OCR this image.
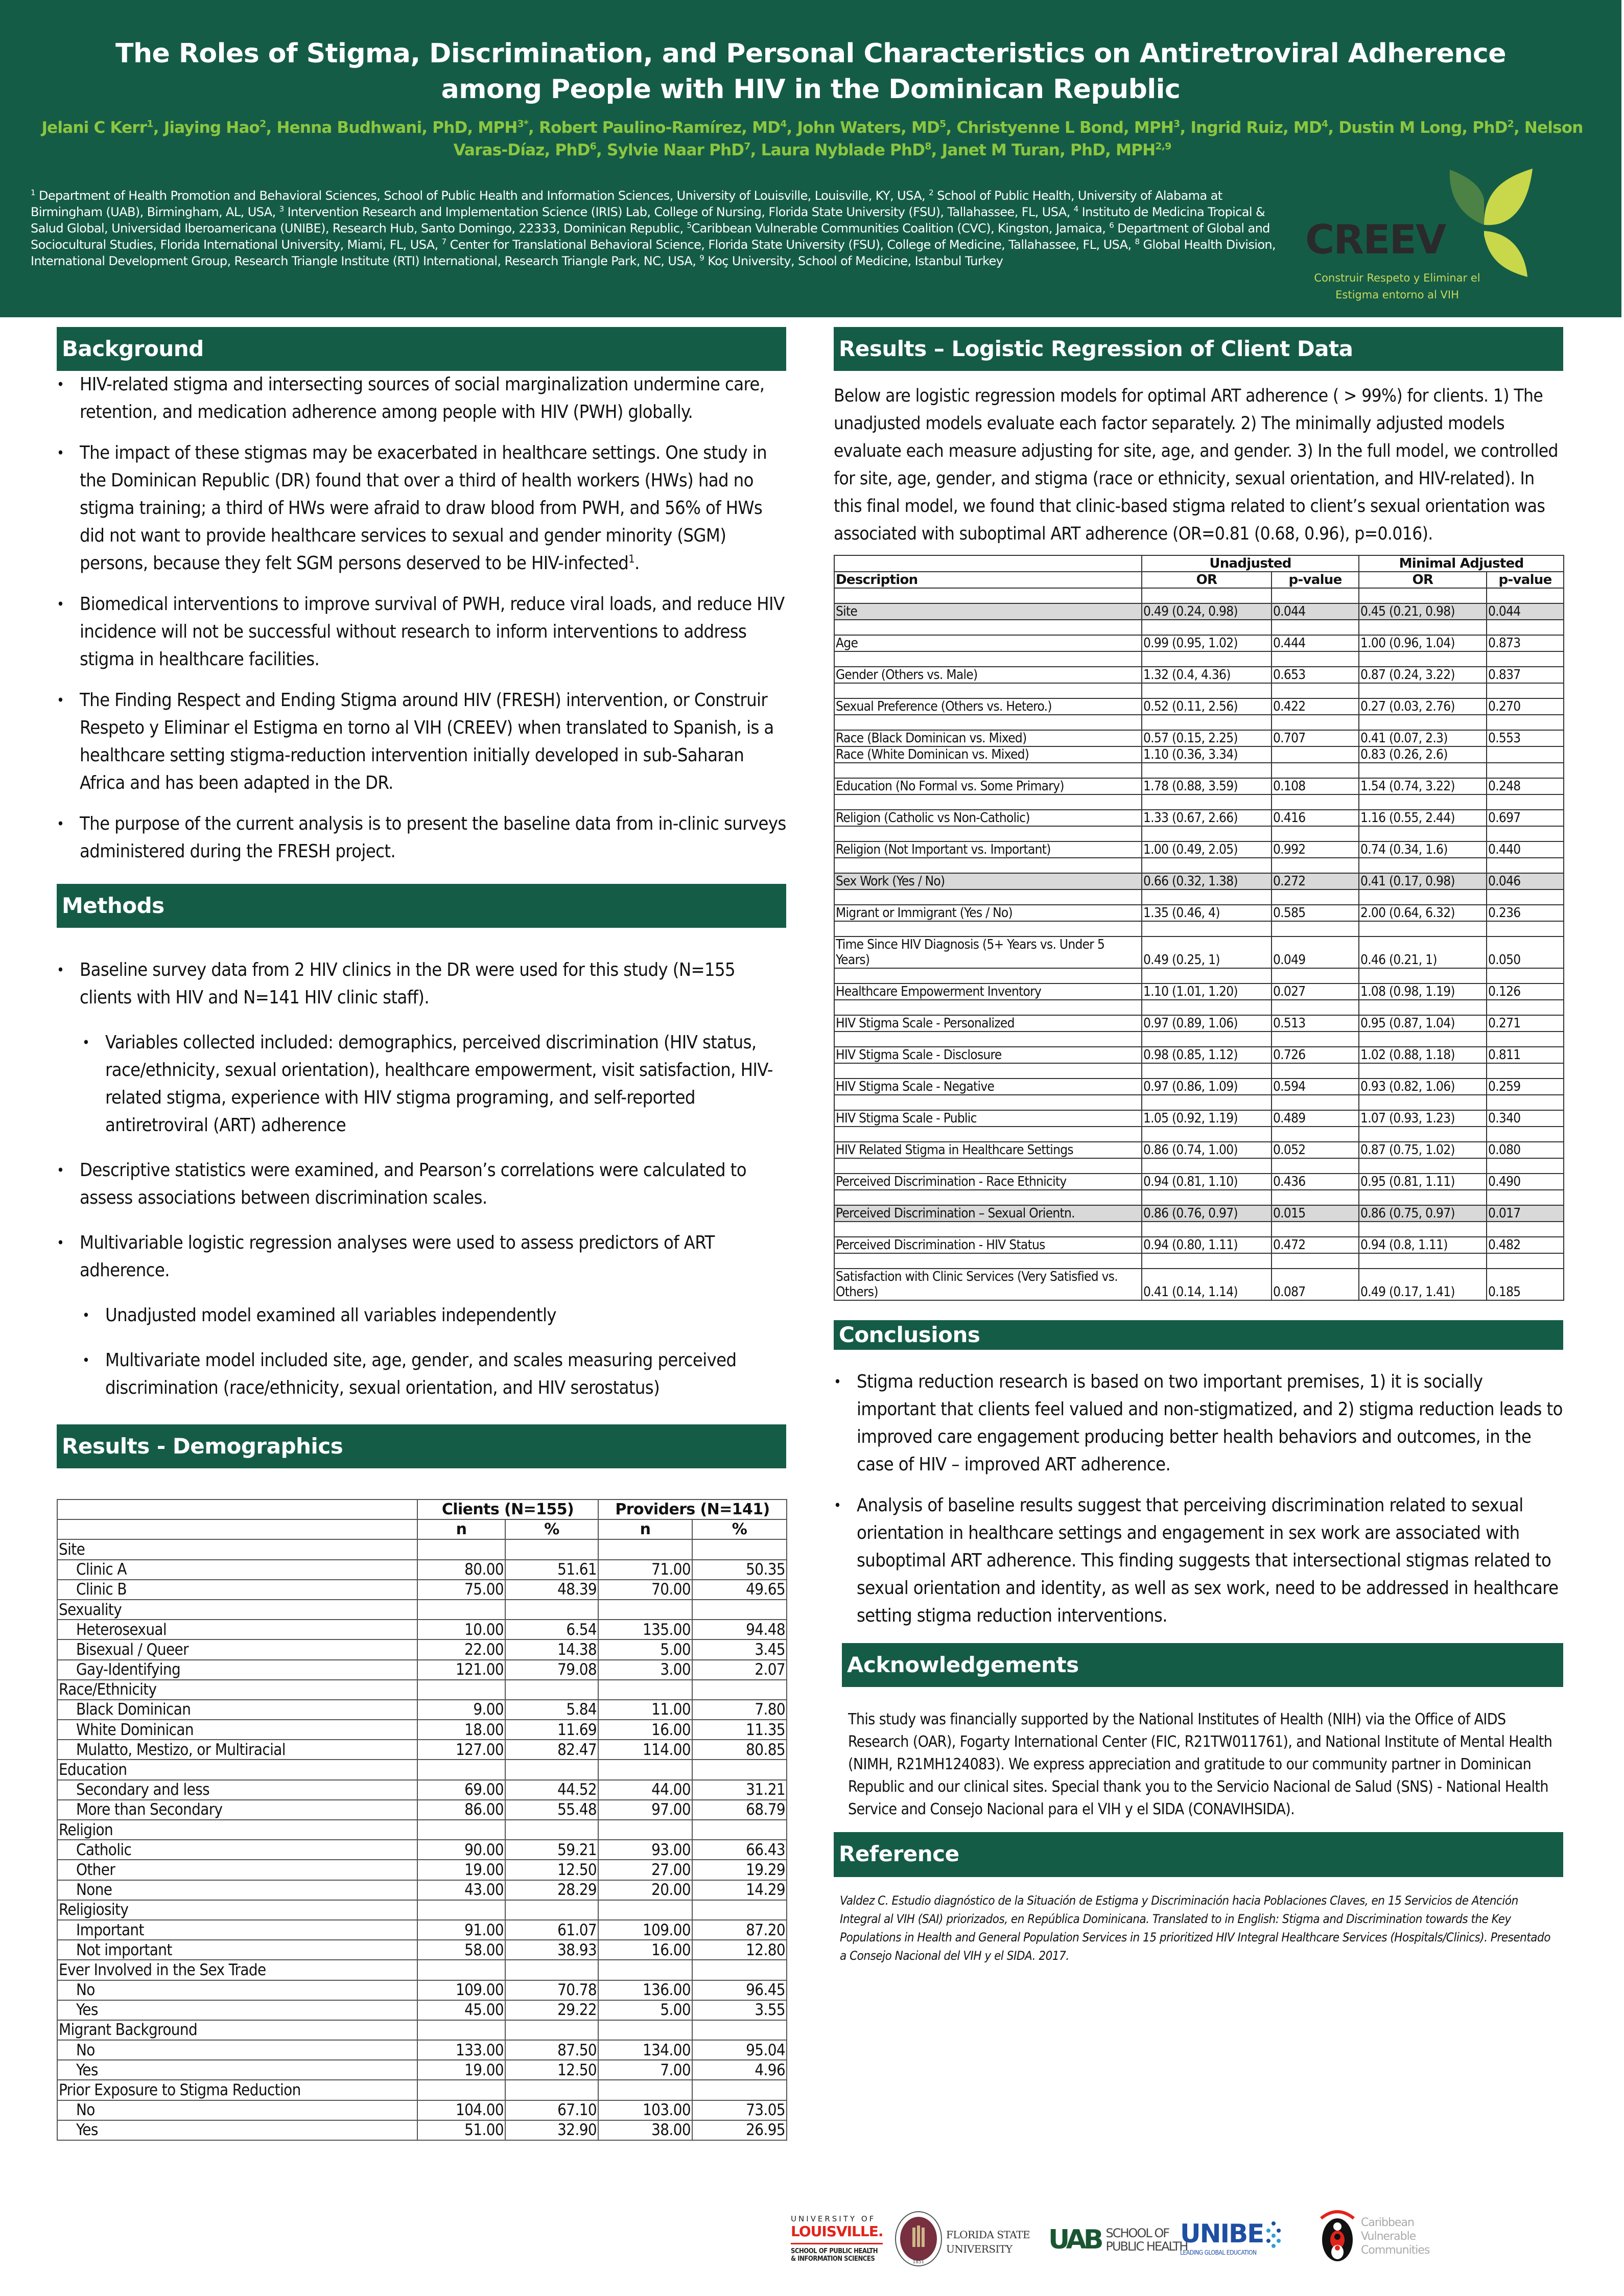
The Roles of Stigma, Discrimination, and Personal Characteristics on Antiretroviral Adherence
among People with HIV in the Dominican Republic
Jelani C Kerr$^1$, Jiaying Hao$^2$, Henna Budhwani, PhD, $MPH^{3*}$, Robert Paulino-Ramírez, $MD^4$, John Waters, $MD^5$, Christyenne L Bond, MPH$^3$, Ingrid Ruiz, $MD^4$, Dustin M Long, PhD$^2$, Nelson Varas-Díaz, PhD$^6$, Sylvie Naar PhD$^7$, Laura Nyblade PhD$^8$, Janet M Turan, PhD, MPH$^{2,9}$
$^1$ Department of Health Promotion and Behavioral Sciences, School of Public Health and Information Sciences, University of Louisville, Louisville, KY, USA, $^2$ School of Public Health, University of Alabama at Birmingham (UAB), Birmingham, AL, USA, $^3$ Intervention Research and Implementation Science (IRIS) Lab, College of Nursing, Florida State University (FSU), Tallahassee, FL, USA, $^4$ Instituto de Medicina Tropical & Salud Global, Universidad Iberoamericana (UNIBE), Research Hub, Santo Domingo, 22333, Dominican Republic, $^5$Caribbean Vulnerable Communities Coalition (CVC), Kingston, Jamaica, $^6$ Department of Global and Sociocultural Studies, Florida International University, Miami, FL, USA, $^7$ Center for Translational Behavioral Science, Florida State University (FSU), College of Medicine, Tallahassee, FL, USA, $^8$ Global Health Division, International Development Group, Research Triangle Institute (RTI) International, Research Triangle Park, NC, USA, $^9$ Koç University, School of Medicine, Istanbul Turkey	CREEV
Construir Respeto y Eliminar el
Estigma entorno al VIH
Background
• HIV-related stigma and intersecting sources of social marginalization undermine care, retention, and medication adherence among people with HIV (PWH) globally.
• The impact of these stigmas may be exacerbated in healthcare settings. One study in the Dominican Republic (DR) found that over a third of health workers (HWs) had no stigma training; a third of HWs were afraid to draw blood from PWH, and 56% of HWs did not want to provide healthcare services to sexual and gender minority (SGM) persons, because they felt SGM persons deserved to be HIV-infected$^1$.
• Biomedical interventions to improve survival of PWH, reduce viral loads, and reduce HIV incidence will not be successful without research to inform interventions to address stigma in healthcare facilities.
• The Finding Respect and Ending Stigma around HIV (FRESH) intervention, or Construir Respeto y Eliminar el Estigma en torno al VIH (CREEV) when translated to Spanish, is a healthcare setting stigma-reduction intervention initially developed in sub-Saharan Africa and has been adapted in the DR.
• The purpose of the current analysis is to present the baseline data from in-clinic surveys administered during the FRESH project.
Methods
• Baseline survey data from 2 HIV clinics in the DR were used for this study (N=155 clients with HIV and N=141 HIV clinic staff).
• Variables collected included: demographics, perceived discrimination (HIV status, race/ethnicity, sexual orientation), healthcare empowerment, visit satisfaction, HIV-related stigma, experience with HIV stigma programing, and self-reported antiretroviral (ART) adherence
• Descriptive statistics were examined, and Pearson’s correlations were calculated to assess associations between discrimination scales.
• Multivariable logistic regression analyses were used to assess predictors of ART adherence.
• Unadjusted model examined all variables independently
• Multivariate model included site, age, gender, and scales measuring perceived discrimination (race/ethnicity, sexual orientation, and HIV serostatus)
Results - Demographics
	Clients (N=155)		Providers (N=141)	
	n	%	n	%
Site				
Clinic A	80.00	51.61	71.00	50.35
Clinic B	75.00	48.39	70.00	49.65
Sexuality				
Heterosexual	10.00	6.54	135.00	94.48
Bisexual / Queer	22.00	14.38	5.00	3.45
Gay-Identifying	121.00	79.08	3.00	2.07
Race/Ethnicity				
Black Dominican	9.00	5.84	11.00	7.80
White Dominican	18.00	11.69	16.00	11.35
Mulatto, Mestizo, or Multiracial	127.00	82.47	114.00	80.85
Education				
Secondary and less	69.00	44.52	44.00	31.21
More than Secondary	86.00	55.48	97.00	68.79
Religion				
Catholic	90.00	59.21	93.00	66.43
Other	19.00	12.50	27.00	19.29
None	43.00	28.29	20.00	14.29
Religiosity				
Important	91.00	61.07	109.00	87.20
Not important	58.00	38.93	16.00	12.80
Ever Involved in the Sex Trade				
No	109.00	70.78	136.00	96.45
Yes	45.00	29.22	5.00	3.55
Migrant Background				
No	133.00	87.50	134.00	95.04
Yes	19.00	12.50	7.00	4.96
Prior Exposure to Stigma Reduction				
No	104.00	67.10	103.00	73.05
Yes	51.00	32.90	38.00	26.95
Results – Logistic Regression of Client Data

Below are logistic regression models for optimal ART adherence ( > 99%) for clients. 1) The unadjusted models evaluate each factor separately. 2) The minimally adjusted models evaluate each measure adjusting for site, age, and gender. 3) In the full model, we controlled for site, age, gender, and stigma (race or ethnicity, sexual orientation, and HIV-related). In this final model, we found that clinic-based stigma related to client’s sexual orientation was associated with suboptimal ART adherence (OR=0.81 (0.68, 0.96), p=0.016).

	Unadjusted		Minimal Adjusted	
Description	OR	p-value	OR	p-value

Site	0.49 (0.24, 0.98)	0.044	0.45 (0.21, 0.98)	0.044

Age	0.99 (0.95, 1.02)	0.444	1.00 (0.96, 1.04)	0.873

Gender (Others vs. Male)	1.32 (0.4, 4.36)	0.653	0.87 (0.24, 3.22)	0.837

Sexual Preference (Others vs. Hetero.)	0.52 (0.11, 2.56)	0.422	0.27 (0.03, 2.76)	0.270

Race (Black Dominican vs. Mixed)	0.57 (0.15, 2.25)	0.707	0.41 (0.07, 2.3)	0.553
Race (White Dominican vs. Mixed)	1.10 (0.36, 3.34)		0.83 (0.26, 2.6)	

Education (No Formal vs. Some Primary)	1.78 (0.88, 3.59)	0.108	1.54 (0.74, 3.22)	0.248

Religion (Catholic vs Non-Catholic)	1.33 (0.67, 2.66)	0.416	1.16 (0.55, 2.44)	0.697

Religion (Not Important vs. Important)	1.00 (0.49, 2.05)	0.992	0.74 (0.34, 1.6)	0.440

Sex Work (Yes / No)	0.66 (0.32, 1.38)	0.272	0.41 (0.17, 0.98)	0.046

Migrant or Immigrant (Yes / No)	1.35 (0.46, 4)	0.585	2.00 (0.64, 6.32)	0.236

Time Since HIV Diagnosis (5+ Years vs. Under 5 Years)	0.49 (0.25, 1)	0.049	0.46 (0.21, 1)	0.050

Healthcare Empowerment Inventory	1.10 (1.01, 1.20)	0.027	1.08 (0.98, 1.19)	0.126

HIV Stigma Scale - Personalized	0.97 (0.89, 1.06)	0.513	0.95 (0.87, 1.04)	0.271

HIV Stigma Scale - Disclosure	0.98 (0.85, 1.12)	0.726	1.02 (0.88, 1.18)	0.811

HIV Stigma Scale - Negative	0.97 (0.86, 1.09)	0.594	0.93 (0.82, 1.06)	0.259

HIV Stigma Scale - Public	1.05 (0.92, 1.19)	0.489	1.07 (0.93, 1.23)	0.340

HIV Related Stigma in Healthcare Settings	0.86 (0.74, 1.00)	0.052	0.87 (0.75, 1.02)	0.080

Perceived Discrimination - Race Ethnicity	0.94 (0.81, 1.10)	0.436	0.95 (0.81, 1.11)	0.490

Perceived Discrimination – Sexual Orientn.	0.86 (0.76, 0.97)	0.015	0.86 (0.75, 0.97)	0.017

Perceived Discrimination - HIV Status	0.94 (0.80, 1.11)	0.472	0.94 (0.8, 1.11)	0.482

Satisfaction with Clinic Services (Very Satisfied vs. Others)	0.41 (0.14, 1.14)	0.087	0.49 (0.17, 1.41)	0.185
Conclusions
• Stigma reduction research is based on two important premises, 1) it is socially important that clients feel valued and non-stigmatized, and 2) stigma reduction leads to improved care engagement producing better health behaviors and outcomes, in the case of HIV – improved ART adherence.
• Analysis of baseline results suggest that perceiving discrimination related to sexual orientation in healthcare settings and engagement in sex work are associated with suboptimal ART adherence. This finding suggests that intersectional stigmas related to sexual orientation and identity, as well as sex work, need to be addressed in healthcare setting stigma reduction interventions.
Acknowledgements

This study was financially supported by the National Institutes of Health (NIH) via the Office of AIDS Research (OAR), Fogarty International Center (FIC, R21TW011761), and National Institute of Mental Health (NIMH, R21MH124083). We express appreciation and gratitude to our community partner in Dominican Republic and our clinical sites. Special thank you to the Servicio Nacional de Salud (SNS) - National Health Service and Consejo Nacional para el VIH y el SIDA (CONAVIHSIDA).

Reference

Valdez C. Estudio diagnóstico de la Situación de Estigma y Discriminación hacia Poblaciones Claves, en 15 Servicios de Atención Integral al VIH (SAI) priorizados, en República Dominicana. Translated to in English: Stigma and Discrimination towards the Key Populations in Health and General Population Services in 15 prioritized HIV Integral Healthcare Services (Hospitals/Clinics). Presentado a Consejo Nacional del VIH y el SIDA. 2017.

UNIVERSITY OF
LOUISVILLE.
SCHOOL OF PUBLIC HEALTH
& INFORMATION SCIENCES	1851
FLORIDA STATE
UNIVERSITY	UAB SCHOOL OF
PUBLIC HEALTH
UNIBE
LEADING GLOBAL EDUCATION
Caribbean
Vulnerable
Communities
